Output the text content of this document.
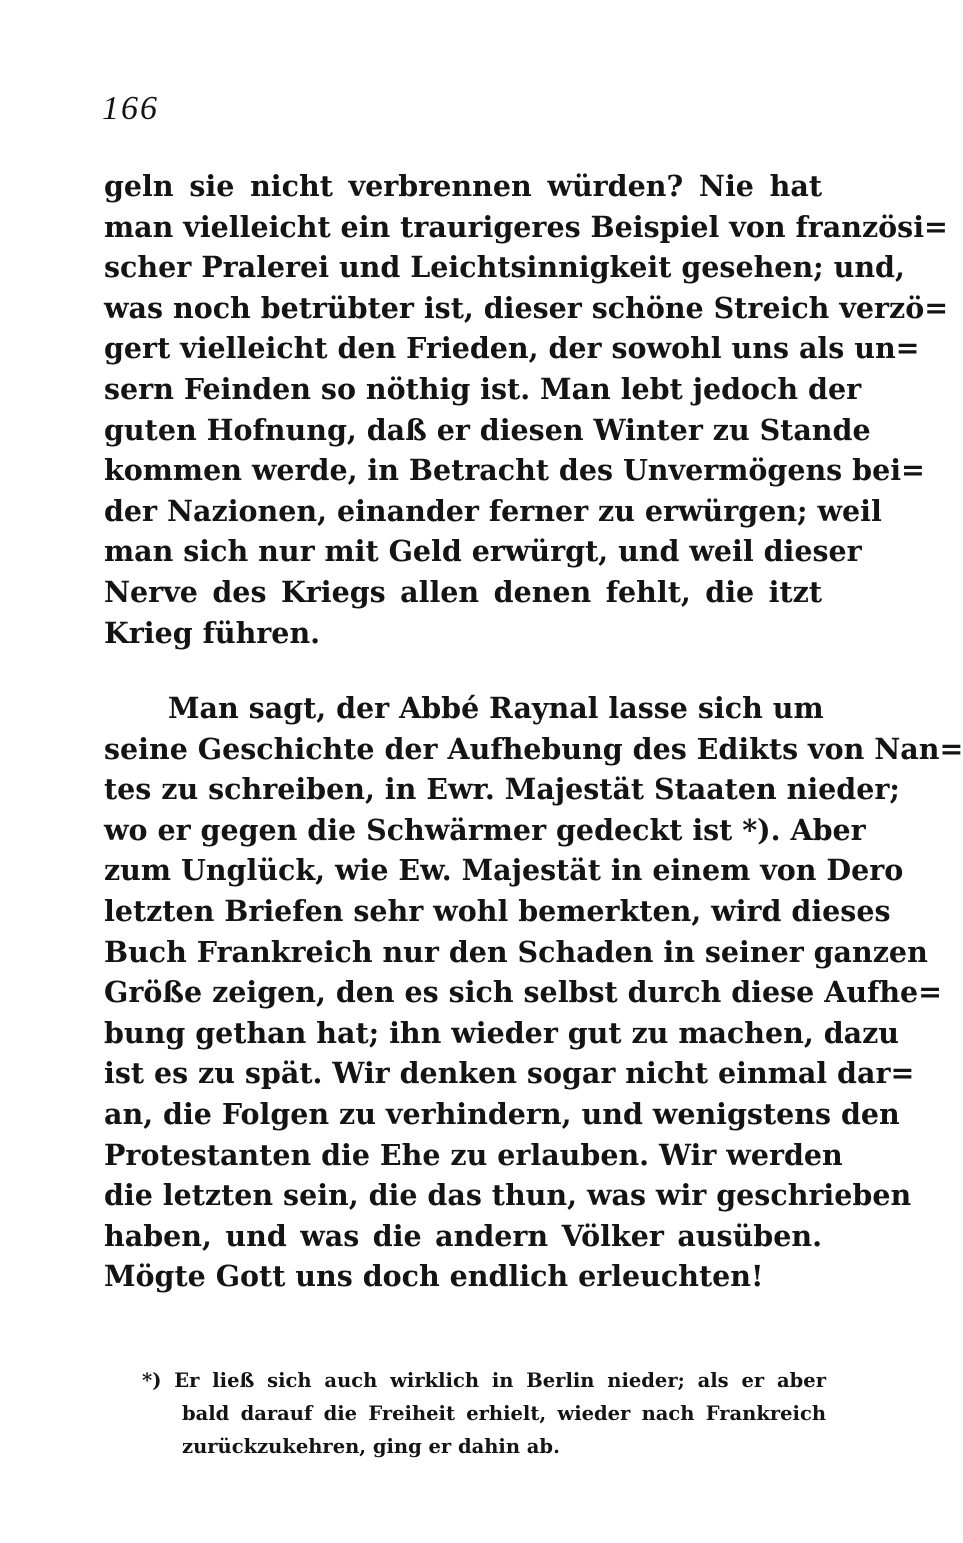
166
geln sie nicht verbrennen würden? Nie hat
man vielleicht ein traurigeres Beispiel von französi=
scher Pralerei und Leichtsinnigkeit gesehen; und,
was noch betrübter ist, dieser schöne Streich verzö=
gert vielleicht den Frieden, der sowohl uns als un=
sern Feinden so nöthig ist. Man lebt jedoch der
guten Hofnung, daß er diesen Winter zu Stande
kommen werde, in Betracht des Unvermögens bei=
der Nazionen, einander ferner zu erwürgen; weil
man sich nur mit Geld erwürgt, und weil dieser
Nerve des Kriegs allen denen fehlt, die itzt
Krieg führen.
Man sagt, der Abbé Raynal lasse sich um
seine Geschichte der Aufhebung des Edikts von Nan=
tes zu schreiben, in Ewr. Majestät Staaten nieder;
wo er gegen die Schwärmer gedeckt ist *). Aber
zum Unglück, wie Ew. Majestät in einem von Dero
letzten Briefen sehr wohl bemerkten, wird dieses
Buch Frankreich nur den Schaden in seiner ganzen
Größe zeigen, den es sich selbst durch diese Aufhe=
bung gethan hat; ihn wieder gut zu machen, dazu
ist es zu spät. Wir denken sogar nicht einmal dar=
an, die Folgen zu verhindern, und wenigstens den
Protestanten die Ehe zu erlauben. Wir werden
die letzten sein, die das thun, was wir geschrieben
haben, und was die andern Völker ausüben.
Mögte Gott uns doch endlich erleuchten!
*) Er ließ sich auch wirklich in Berlin nieder; als er aber
bald darauf die Freiheit erhielt, wieder nach Frankreich
zurückzukehren, ging er dahin ab.
